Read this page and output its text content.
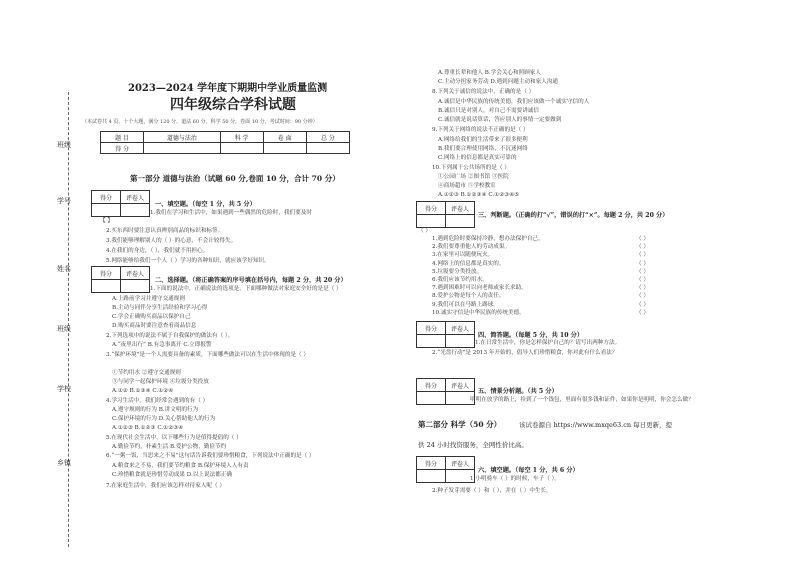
班级
学号
姓名
班级
学校
乡镇
2023—2024 学年度下期期中学业质量监测
四年级综合学科试题
（本试卷共 4 页，十个大题，满分 120 分，道法 60 分，科学 50 分，卷面 10 分，考试时间：90 分钟）
题 目	道德与法治	科 学	卷 面	总 分
得 分				
第一部分 道德与法治（试题 60 分,卷面 10 分，合计 70 分）
得分	评卷人

一、填空题。（每空 1 分，共 5 分）
1.我们在学习和生活中，如果遇到一些偶然的危险时，我们要及时
【 】
2.买东西时要注意认真辨别商品的标识和标签。
3.我们能够理解别人的（ ）的心意，不会计较得失。
4.在我们的身边，（ ），我们就不用担心。
5.网络能够给我们一个人（ ）学习的各种知识，就应该学好知识。
得分	评卷人

二、选择题。（将正确答案的序号填在括号内，每题 2 分，共 20 分）
1.下面的说法中，正确说法的选项是，下面哪种做法对家庭安全好的是是（ ）
A.上路前学习并遵守交通规则
B.主动与同伴分享生活经验和学习心得
C.学会正确购买商品以保护自己
D.购买商品时要注意查看商品信息
2.下列选项中的说法不属于自我保护的做法有（ ）。
A.“夜里出行” B.有急事离开 C.立即报警
3.“保护环境”是一个人需要具备的素质，下面哪些做法可以在生活中体现的是（ ）
①节约用水 ②遵守交通规则
③与同学一起保护环境 ④垃圾分类投放
A.①② B.①③④ C.①②④
4.学习生活中，我们经常会遇到的有（ ）
A.遵守规则的行为 B.讲文明的行为
C.保护环境的行为 D.关心帮助他人的行为
A.①②③ B.①②③ C.①②③④
5.在现代社会生活中，以下哪些行为是值得提倡的（ ）
A.勤俭节约，朴素生活 B.爱护公物，勤俭节约
6.“一粥一饭，当思来之不易”这句话告诉我们要珍惜粮食，下列说法中正确的是（ ）
A.粮食来之不易，我们要节约粮食 B.保护环境人人有责
C.珍惜粮食就是珍惜劳动成果 D.以上说法都正确
7.在家庭生活中，我们应该怎样对待家人呢（ ）
A.尊重长辈和他人 B.学会关心和照顾家人
C.主动分担家务劳动 D.遇到问题主动和家人沟通
8.下列关于诚信的说法中，正确的是（ ）
A.诚信是中华民族的传统美德，我们应该做一个诚实守信的人
B.诚信只是对别人，对自己不需要讲诚信
C.诚信就是说话算话，答应别人的事情一定要做到
9.下列关于网络的说法不正确的是（ ）
A.网络给我们的生活带来了很多便利
B.我们要合理使用网络，不沉迷网络
C.网络上的信息都是真实可靠的
10.下列属于公共场所的是（ ）
①公园广场 ②图书馆 ③医院
④商场超市 ⑤学校教室
A.①②③ B.①②③④ C.①②③④⑤
得分	评卷人

三、判断题。（正确的打“√”，错误的打“×”。每题 2 分，共 20 分）
（ ）
1.遇到危险时要保持冷静，想办法保护自己。	（ ）
2.我们要尊重他人的劳动成果。	（ ）
3.在家里可以随便玩火。	（ ）
4.网络上的信息都是真实的。	（ ）
5.垃圾要分类投放。	（ ）
6.我们应该节约用水。	（ ）
7.遇到困难时可以向老师或家长求助。	（ ）
8.爱护公物是每个人的责任。	（ ）
9.我们可以在马路上踢球。	（ ）
10.诚实守信是中华民族的传统美德。	（ ）
得分	评卷人

四、简答题。（每题 5 分，共 10 分）
1.在日常生活中，你是怎样保护自己的？请写出两种方法。
2.“光盘行动”是 2013 年开始的，倡导人们珍惜粮食，你对此有什么看法？
得分	评卷人

五、情景分析题。（共 5 分）
明明在放学的路上，捡到了一个钱包，里面有很多钱和证件，如果你是明明，你会怎么做？
第二部分 科学（50 分）	该试卷源自 https://www.mxqe63.cn 每日更新，提
供 24 小时找资服务，全网性价比高。
得分	评卷人

六、填空题。（每空 1 分，共 6 分）
1.小明骑车（ ）的时候，车子（ ）。
2.种子发芽需要（ ）和（ ），并在（ ）中生长。
